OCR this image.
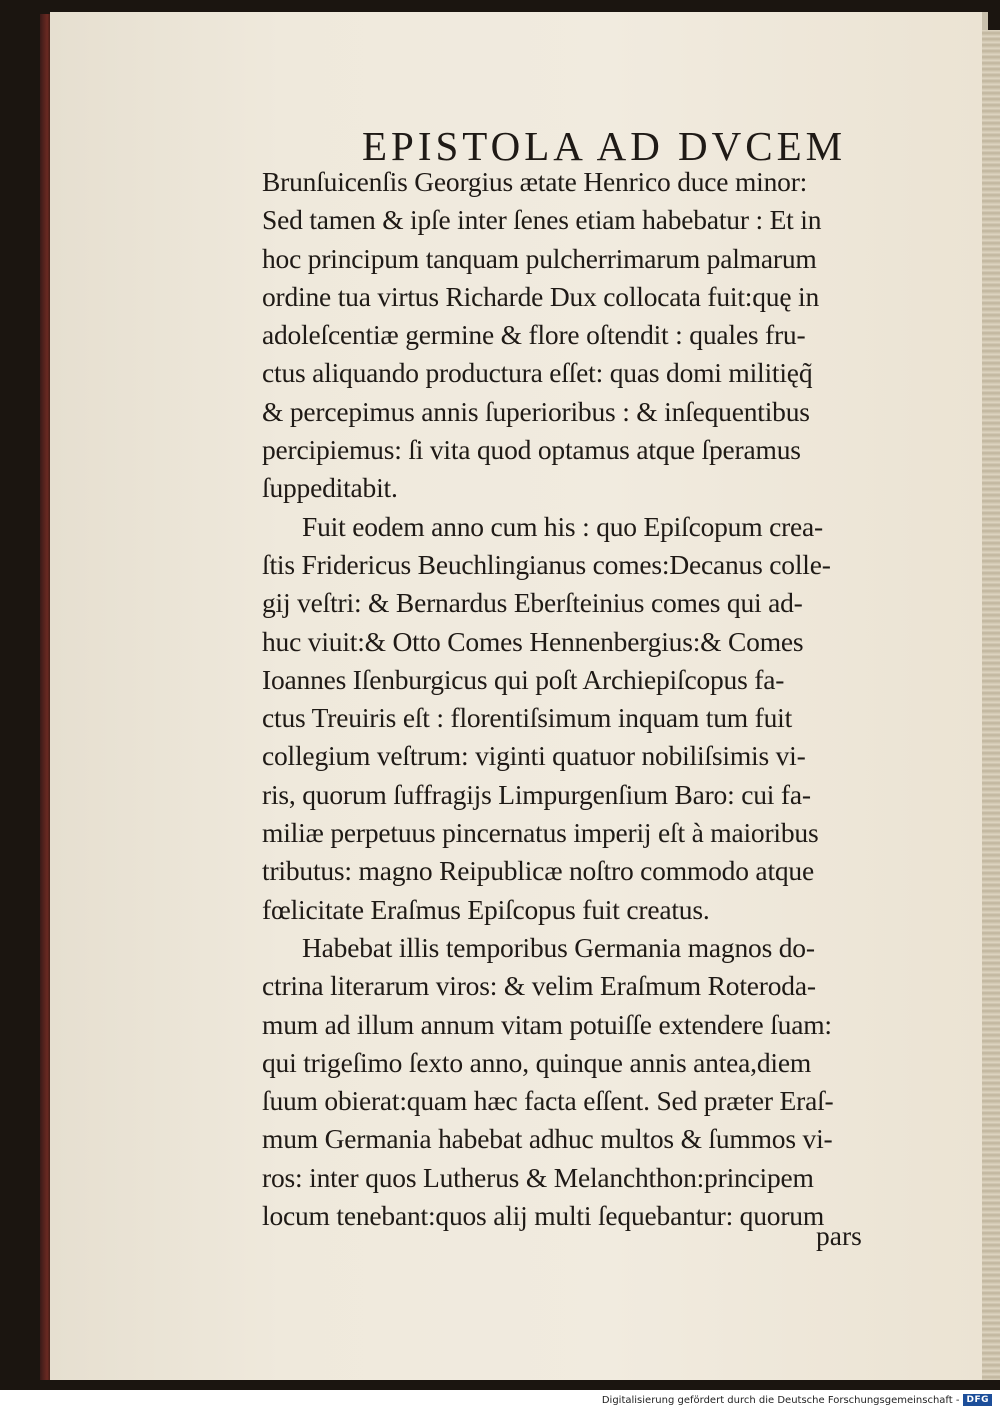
EPISTOLA AD DVCEM
Brunſuicenſis Georgius ætate Henrico duce minor:
Sed tamen & ipſe inter ſenes etiam habebatur : Et in
hoc principum tanquam pulcherrimarum palmarum
ordine tua virtus Richarde Dux collocata fuit:quę in
adoleſcentiæ germine & flore oſtendit : quales fru-
ctus aliquando productura eſſet: quas domi militięq̃
& percepimus annis ſuperioribus : & inſequentibus
percipiemus: ſi vita quod optamus atque ſperamus
ſuppeditabit.
Fuit eodem anno cum his : quo Epiſcopum crea-
ſtis Fridericus Beuchlingianus comes:Decanus colle-
gij veſtri: & Bernardus Eberſteinius comes qui ad-
huc viuit:& Otto Comes Hennenbergius:& Comes
Ioannes Iſenburgicus qui poſt Archiepiſcopus fa-
ctus Treuiris eſt : florentiſsimum inquam tum fuit
collegium veſtrum: viginti quatuor nobiliſsimis vi-
ris, quorum ſuffragijs Limpurgenſium Baro: cui fa-
miliæ perpetuus pincernatus imperij eſt à maioribus
tributus: magno Reipublicæ noſtro commodo atque
fœlicitate Eraſmus Epiſcopus fuit creatus.
Habebat illis temporibus Germania magnos do-
ctrina literarum viros: & velim Eraſmum Roteroda-
mum ad illum annum vitam potuiſſe extendere ſuam:
qui trigeſimo ſexto anno, quinque annis antea,diem
ſuum obierat:quam hæc facta eſſent. Sed præter Eraſ-
mum Germania habebat adhuc multos & ſummos vi-
ros: inter quos Lutherus & Melanchthon:principem
locum tenebant:quos alij multi ſequebantur: quorum
pars
Digitalisierung gefördert durch die Deutsche Forschungsgemeinschaft - DFG
